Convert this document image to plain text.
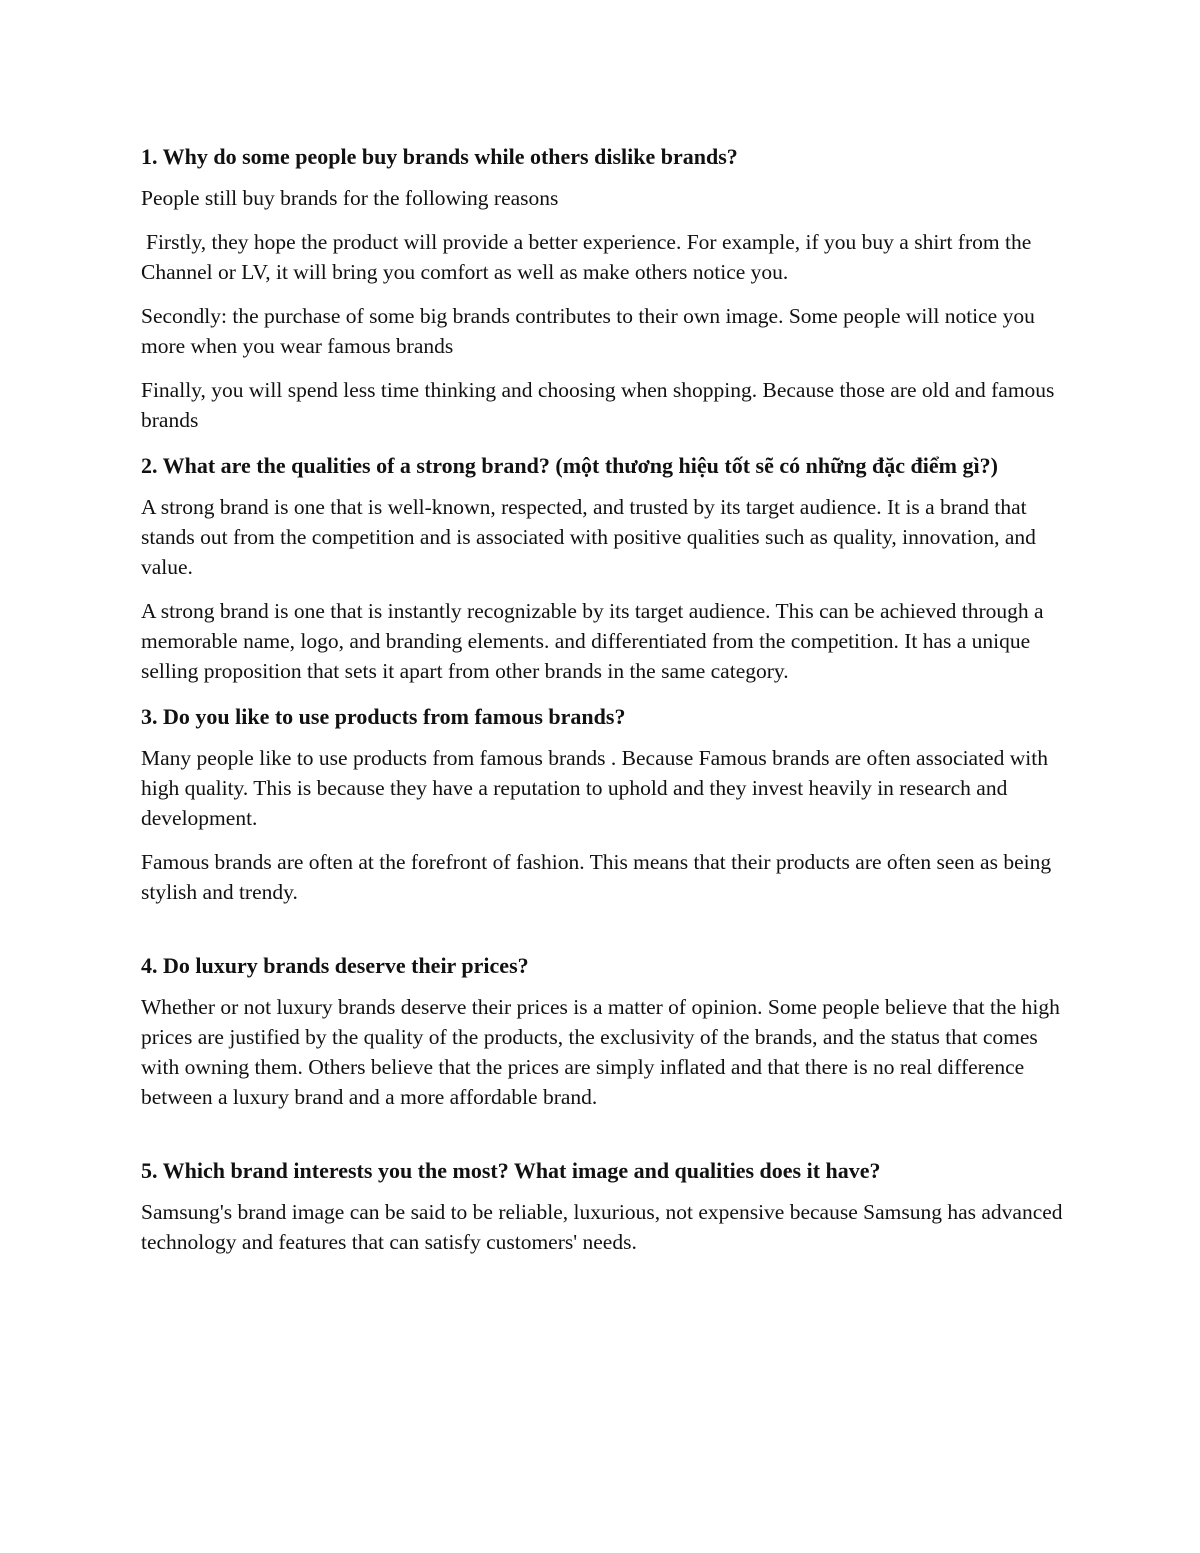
1. Why do some people buy brands while others dislike brands?

People still buy brands for the following reasons

Firstly, they hope the product will provide a better experience. For example, if you buy a shirt from the Channel or LV, it will bring you comfort as well as make others notice you.

Secondly: the purchase of some big brands contributes to their own image. Some people will notice you more when you wear famous brands

Finally, you will spend less time thinking and choosing when shopping. Because those are old and famous brands

2. What are the qualities of a strong brand? (một thương hiệu tốt sẽ có những đặc điểm gì?)

A strong brand is one that is well-known, respected, and trusted by its target audience. It is a brand that stands out from the competition and is associated with positive qualities such as quality, innovation, and value.

A strong brand is one that is instantly recognizable by its target audience. This can be achieved through a memorable name, logo, and branding elements. and differentiated from the competition. It has a unique selling proposition that sets it apart from other brands in the same category.

3. Do you like to use products from famous brands?

Many people like to use products from famous brands . Because Famous brands are often associated with high quality. This is because they have a reputation to uphold and they invest heavily in research and development.

Famous brands are often at the forefront of fashion. This means that their products are often seen as being stylish and trendy.

4. Do luxury brands deserve their prices?

Whether or not luxury brands deserve their prices is a matter of opinion. Some people believe that the high prices are justified by the quality of the products, the exclusivity of the brands, and the status that comes with owning them. Others believe that the prices are simply inflated and that there is no real difference between a luxury brand and a more affordable brand.

5. Which brand interests you the most? What image and qualities does it have?

Samsung's brand image can be said to be reliable, luxurious, not expensive because Samsung has advanced technology and features that can satisfy customers' needs.
